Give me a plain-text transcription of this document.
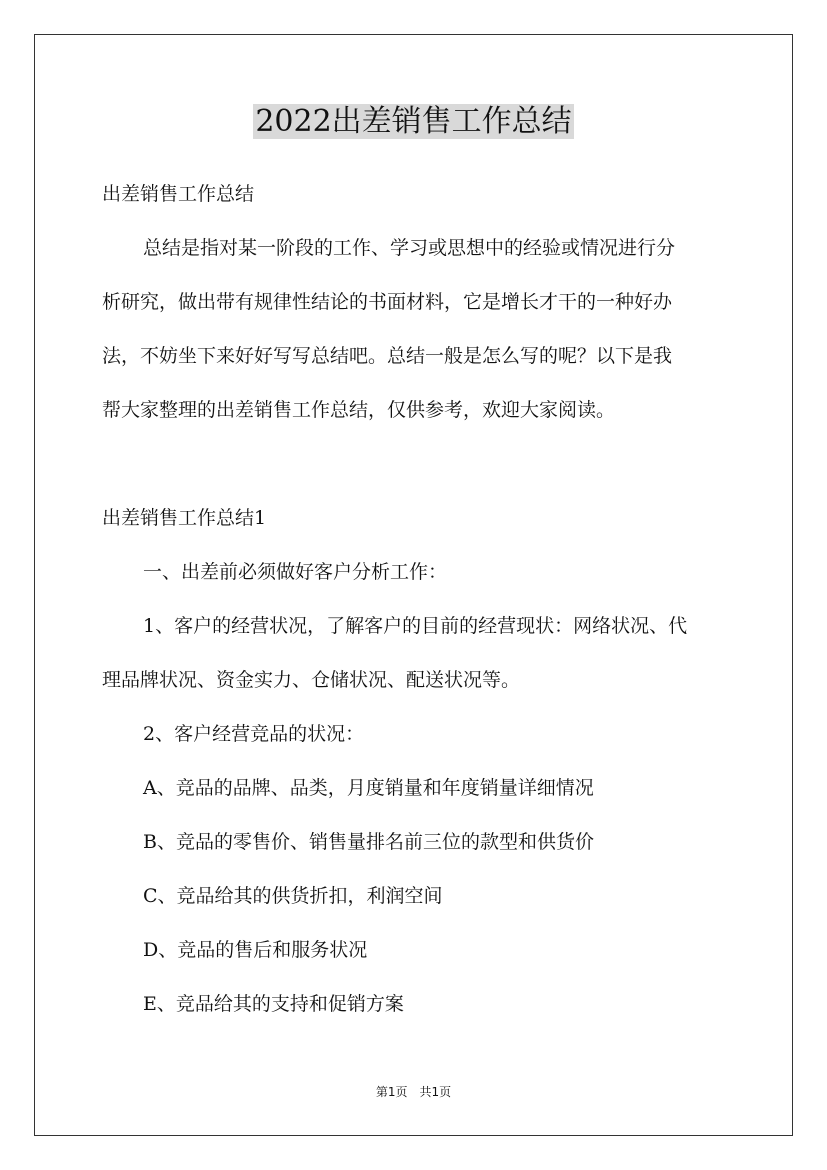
2022出差销售工作总结
出差销售工作总结
总结是指对某一阶段的工作、学习或思想中的经验或情况进行分
析研究，做出带有规律性结论的书面材料，它是增长才干的一种好办
法，不妨坐下来好好写写总结吧。总结一般是怎么写的呢？以下是我
帮大家整理的出差销售工作总结，仅供参考，欢迎大家阅读。
出差销售工作总结1
一、出差前必须做好客户分析工作：
1、客户的经营状况，了解客户的目前的经营现状：网络状况、代
理品牌状况、资金实力、仓储状况、配送状况等。
2、客户经营竞品的状况：
A、竞品的品牌、品类，月度销量和年度销量详细情况
B、竞品的零售价、销售量排名前三位的款型和供货价
C、竞品给其的供货折扣，利润空间
D、竞品的售后和服务状况
E、竞品给其的支持和促销方案
第1页　共1页
